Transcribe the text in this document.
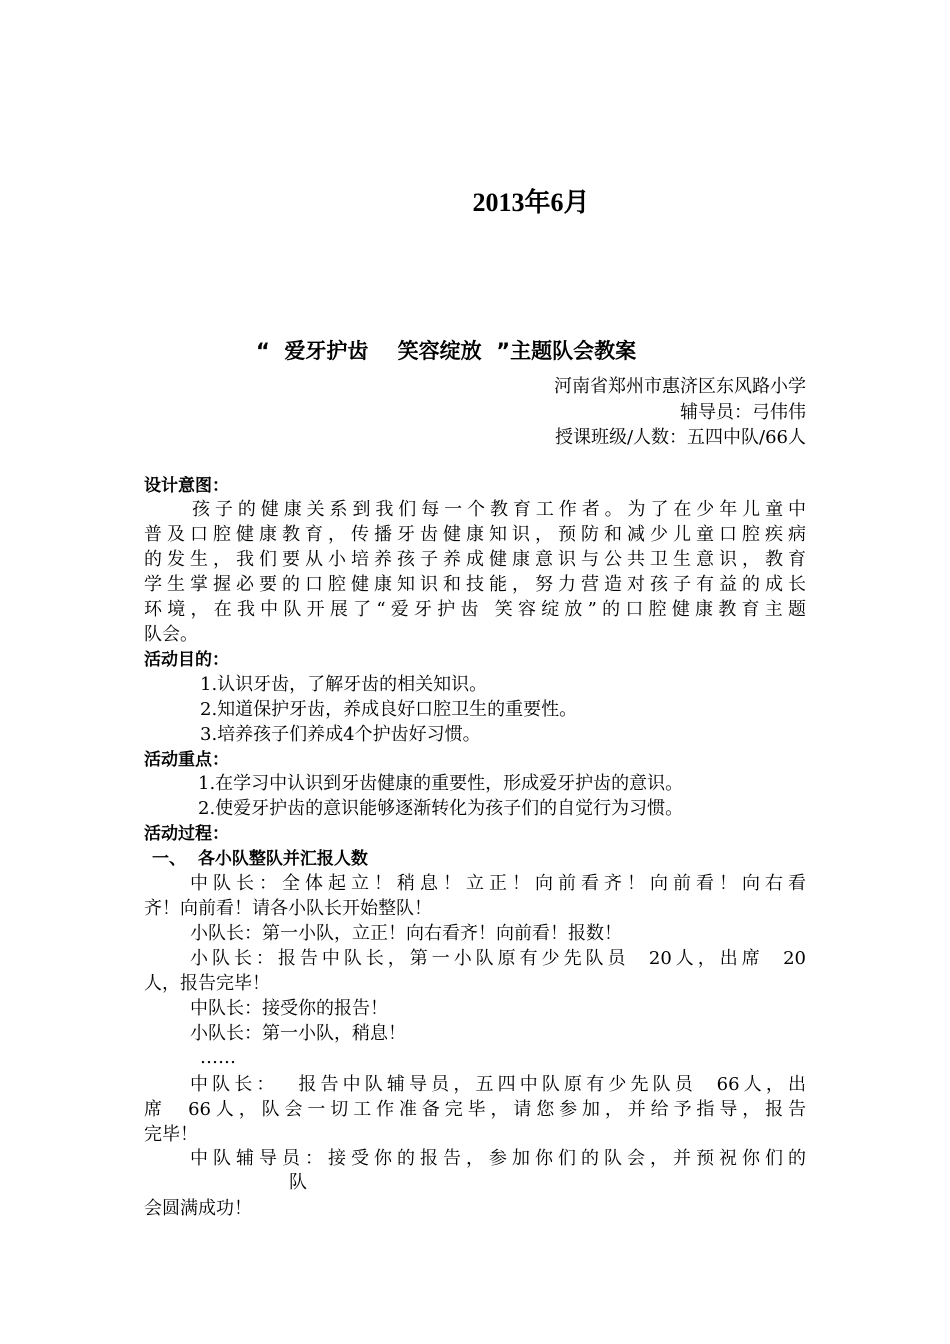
2013年6月
“  爱牙护齿    笑容绽放  ”主题队会教案
河南省郑州市惠济区东风路小学
辅导员：弓伟伟
授课班级/人数：五四中队/66人
设计意图：
孩子的健康关系到我们每一个教育工作者。为了在少年儿童中
普及口腔健康教育，传播牙齿健康知识，预防和减少儿童口腔疾病
的发生，我们要从小培养孩子养成健康意识与公共卫生意识，教育
学生掌握必要的口腔健康知识和技能，努力营造对孩子有益的成长
环境，在我中队开展了“爱牙护齿 笑容绽放”的口腔健康教育主题
队会。
活动目的：
1.认识牙齿，了解牙齿的相关知识。
2.知道保护牙齿，养成良好口腔卫生的重要性。
3.培养孩子们养成4个护齿好习惯。
活动重点：
1.在学习中认识到牙齿健康的重要性，形成爱牙护齿的意识。
2.使爱牙护齿的意识能够逐渐转化为孩子们的自觉行为习惯。
活动过程：
一、  各小队整队并汇报人数
中队长：全体起立！稍息！立正！向前看齐！向前看！向右看
齐！向前看！请各小队长开始整队！
小队长：第一小队，立正！向右看齐！向前看！报数！
小队长：报告中队长，第一小队原有少先队员  20人，出席  20
人，报告完毕！
中队长：接受你的报告！
小队长：第一小队，稍息！
……
中队长：  报告中队辅导员，五四中队原有少先队员  66人，出
席  66人，队会一切工作准备完毕，请您参加，并给予指导，报告
完毕！
中队辅导员：接受你的报告，参加你们的队会，并预祝你们的
队
会圆满成功！
